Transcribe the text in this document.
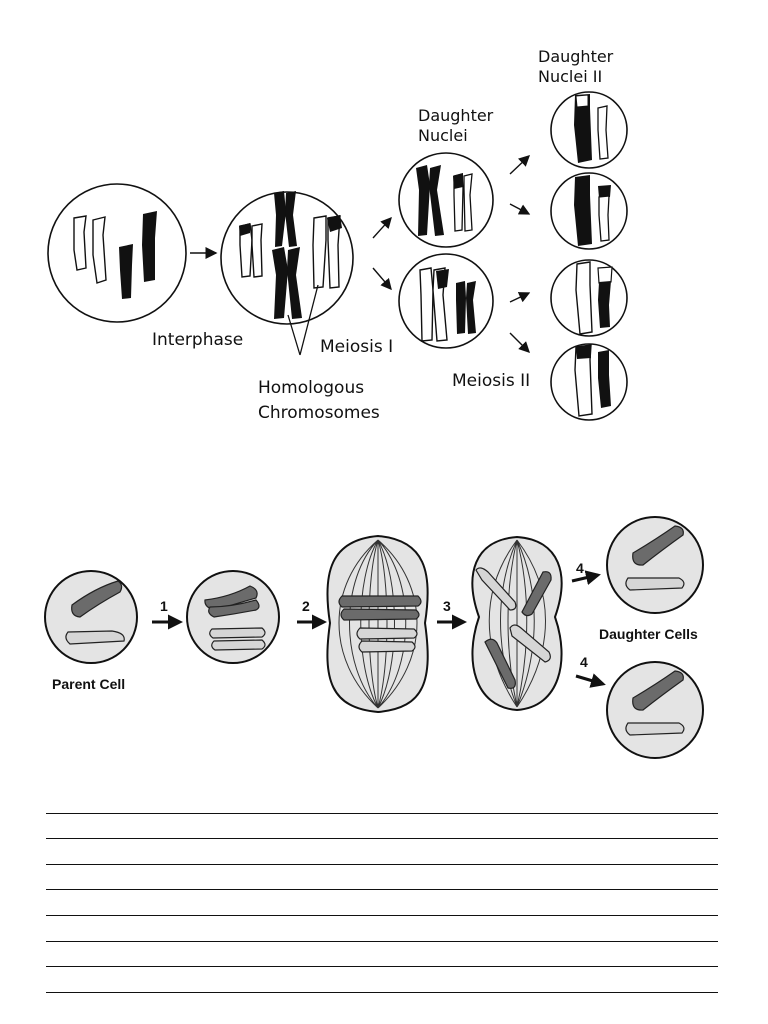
Interphase	Meiosis I
Homologous
Chromosomes
Daughter
Nuclei
Daughter
Nuclei II
Meiosis II
Parent Cell
Daughter Cells
1	2	3
4
4
